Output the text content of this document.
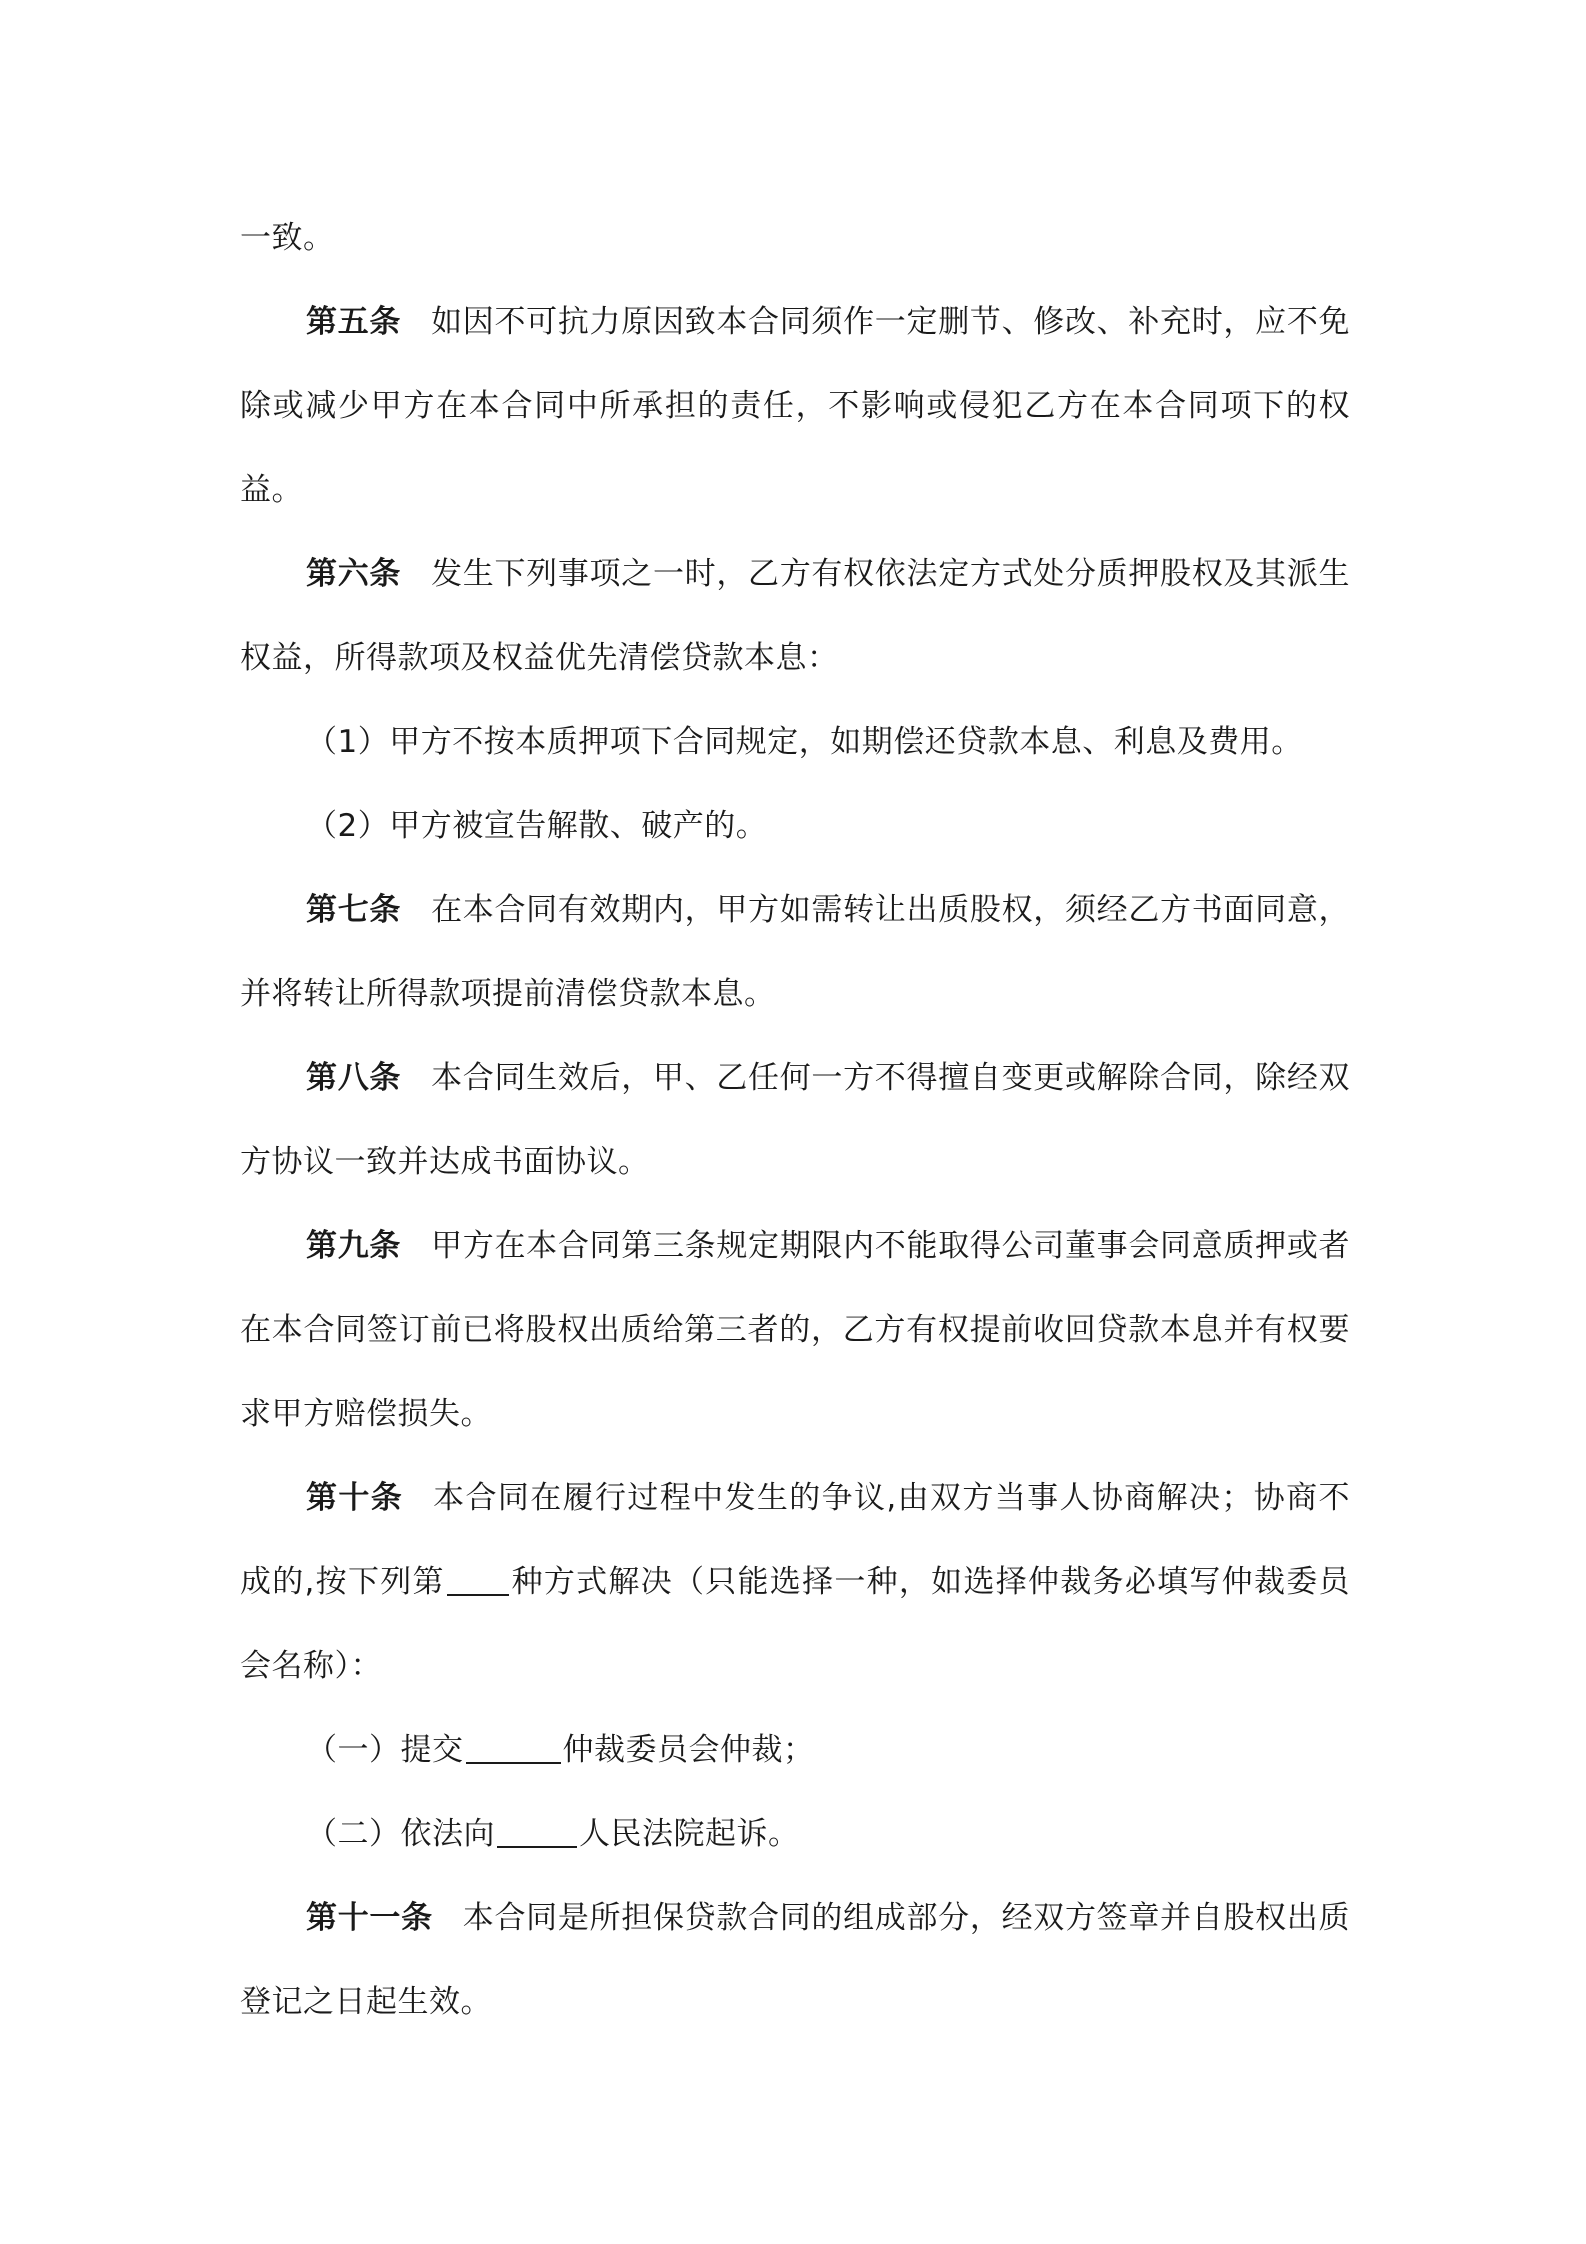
一致。

第五条 如因不可抗力原因致本合同须作一定删节、修改、补充时，应不免除或减少甲方在本合同中所承担的责任，不影响或侵犯乙方在本合同项下的权益。

第六条 发生下列事项之一时，乙方有权依法定方式处分质押股权及其派生权益，所得款项及权益优先清偿贷款本息：

（1）甲方不按本质押项下合同规定，如期偿还贷款本息、利息及费用。

（2）甲方被宣告解散、破产的。

第七条 在本合同有效期内，甲方如需转让出质股权，须经乙方书面同意，并将转让所得款项提前清偿贷款本息。

第八条 本合同生效后，甲、乙任何一方不得擅自变更或解除合同，除经双方协议一致并达成书面协议。

第九条 甲方在本合同第三条规定期限内不能取得公司董事会同意质押或者在本合同签订前已将股权出质给第三者的，乙方有权提前收回贷款本息并有权要求甲方赔偿损失。

第十条 本合同在履行过程中发生的争议,由双方当事人协商解决；协商不成的,按下列第 种方式解决（只能选择一种，如选择仲裁务必填写仲裁委员会名称）：

（一）提交	仲裁委员会仲裁；

（二）依法向	人民法院起诉。

第十一条 本合同是所担保贷款合同的组成部分，经双方签章并自股权出质登记之日起生效。
